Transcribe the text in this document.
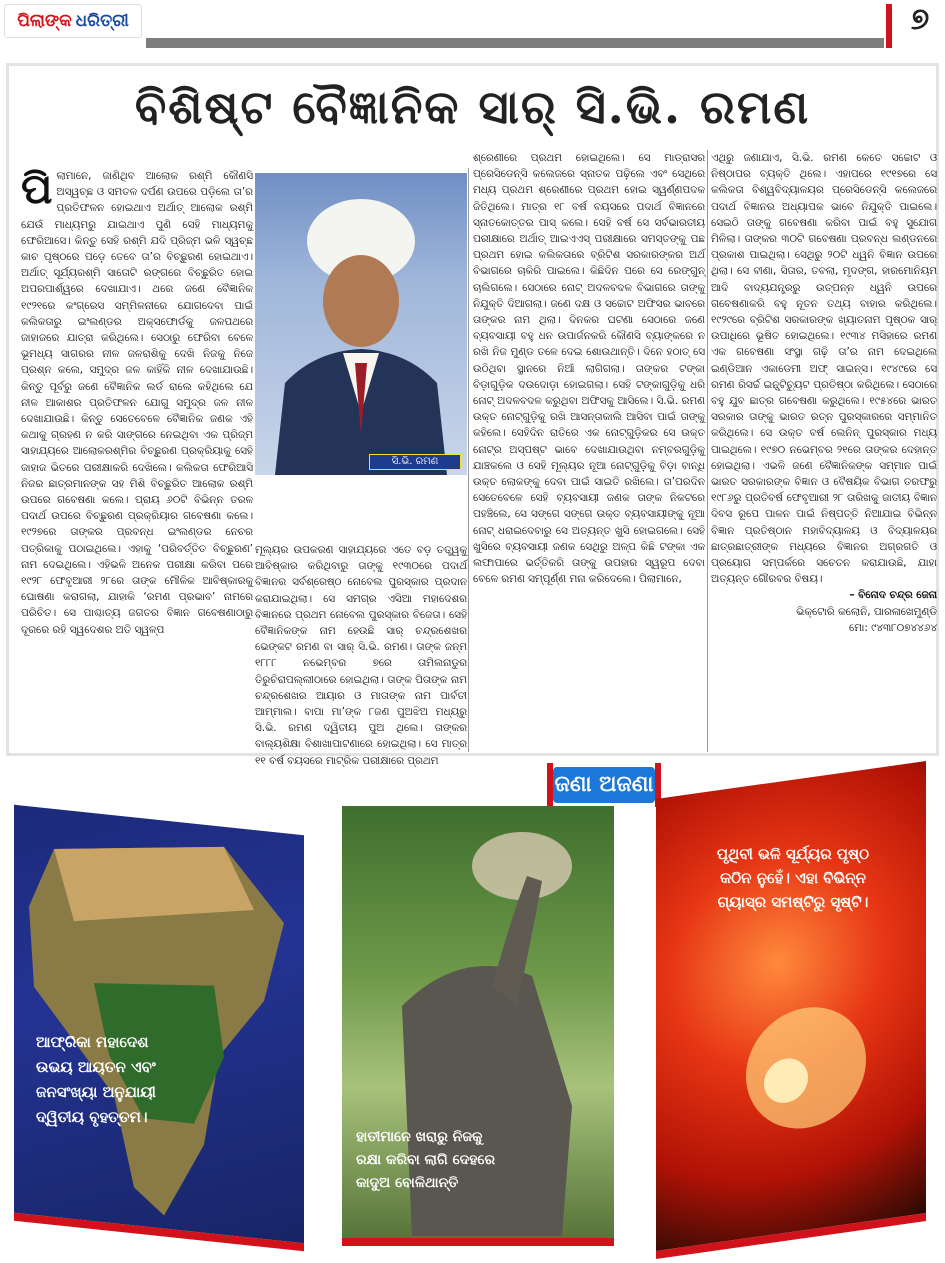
ପିଲାଙ୍କ ଧରିତ୍ରୀ	୭
ବିଶିଷ୍ଟ ବୈଜ୍ଞାନିକ ସାର୍ ସି.ଭି. ରମଣ
ପି ଲାମାନେ, ଜାଣିଥିବ ଆଲୋକ ରଶ୍ମି କୌଣସି ଅସ୍ୱଚ୍ଛ ଓ ସମତଳ ଦର୍ପଣ ଉପରେ ପଡ଼ିଲେ ତା’ର ପ୍ରତିଫଳନ ହୋଇଥାଏ ଅର୍ଥାତ୍ ଆଲୋକ ରଶ୍ମି ଯେଉଁ ମାଧ୍ୟମରୁ ଯାଇଥାଏ ପୁଣି ସେହି ମାଧ୍ୟମକୁ ଫେରିଆସେ। କିନ୍ତୁ ସେହି ରଶ୍ମି ଯଦି ପ୍ରିଜ୍ମ ଭଳି ସ୍ୱଚ୍ଛ କାଚ ପୃଷ୍ଠରେ ପଡ଼େ ତେବେ ତା’ର ବିଚ୍ଛୁରଣ ହୋଇଥାଏ। ଅର୍ଥାତ୍ ସୂର୍ଯ୍ୟରଶ୍ମି ସାତୋଟି ରଙ୍ଗରେ ବିଚ୍ଛୁରିତ ହୋଇ ଅପରପାର୍ଶ୍ୱରେ ଦେଖାଯାଏ। ଥରେ ଜଣେ ବୈଜ୍ଞାନିକ ୧୯୨୧ରେ କଂଗ୍ରେସ ସମ୍ମିଳନୀରେ ଯୋଗଦେବା ପାଇଁ କଲିକତାରୁ ଇଂଲଣ୍ଡର ଅକ୍ସଫୋର୍ଡକୁ ଜଳପଥରେ ଜାହାଜରେ ଯାତ୍ରା କରିଥିଲେ। ସେଠାରୁ ଫେରିବା ବେଳେ ଭୂମଧ୍ୟ ସାଗରର ନୀଳ ଜଳରାଶିକୁ ଦେଖି ନିଜକୁ ନିଜେ ପ୍ରଶ୍ନ କଲେ, ସମୁଦ୍ର ଜଳ କାହିଁକି ନୀଳ ଦେଖାଯାଉଛି। କିନ୍ତୁ ପୂର୍ବରୁ ଜଣେ ବୈଜ୍ଞାନିକ ଲର୍ଡ ରାଲେ କହିଥିଲେ ଯେ ନୀଳ ଆକାଶର ପ୍ରତିଫଳନ ଯୋଗୁ ସମୁଦ୍ର ଜଳ ନୀଳ ଦେଖାଯାଉଛି। କିନ୍ତୁ ସେତେବେଳେ ବୈଜ୍ଞାନିକ ଜଣକ ଏହି କଥାକୁ ଗ୍ରହଣ ନ କରି ସାଙ୍ଗରେ ନେଇଥିବା ଏକ ପ୍ରିଜ୍ମ ସାହାଯ୍ୟରେ ଆଲୋକରଶ୍ମିର ବିଚ୍ଛୁରଣ ପ୍ରକ୍ରିୟାକୁ ସେହି ଜାହାଜ ଭିତରେ ପରୀକ୍ଷାକରି ଦେଖିଲେ। କଲିକତା ଫେରିଆସି ନିଜର ଛାତ୍ରମାନଙ୍କ ସହ ମିଶି ବିଚ୍ଛୁରିତ ଆଲୋକ ରଶ୍ମି ଉପରେ ଗବେଷଣା କଲେ। ପ୍ରାୟ ୬୦ଟି ବିଭିନ୍ନ ତରଳ ପଦାର୍ଥ ଉପରେ ବିଚ୍ଛୁରଣ ପ୍ରକ୍ରିୟାର ଗବେଷଣା କଲେ। ୧୯୨୭ରେ ତାଙ୍କର ପ୍ରବନ୍ଧ ଇଂଲଣ୍ଡର ନେଚର ପତ୍ରିକାକୁ ପଠାଇଥିଲେ। ଏହାକୁ ‘ପରିବର୍ତ୍ତିତ ବିଚ୍ଛୁରଣ’ ନାମ ଦେଇଥିଲେ। ଏହିଭଳି ଅନେକ ପରୀକ୍ଷା କରିବା ପରେ ୧୯୨୮ ଫେବୃଆରୀ ୨୮ରେ ତାଙ୍କ ମୌଳିକ ଆବିଷ୍କାରକୁ ଘୋଷଣା କରାଗଲା, ଯାହାକି ‘ରମଣ ପ୍ରଭାବ’ ନାମରେ ପରିଚିତ। ସେ ପାଶ୍ଚାତ୍ୟ ଜଗତର ବିଜ୍ଞାନ ଗବେଷଣାଠାରୁ ଦୂରରେ ରହି ସ୍ୱଦେଶର ଅତି ସ୍ୱଳ୍ପ

ସି.ଭି. ରମଣ

ମୂଲ୍ୟର ଉପକରଣ ସାହାଯ୍ୟରେ ଏତେ ବଡ଼ ତତ୍ତ୍ୱକୁ ଆବିଷ୍କାର କରିଥିବାରୁ ତାଙ୍କୁ ୧୯୩୦ରେ ପଦାର୍ଥ ବିଜ୍ଞାନର ସର୍ବଶ୍ରେଷ୍ଠ ନୋବେଲ ପୁରସ୍କାର ପ୍ରଦାନ କରାଯାଇଥିଲା। ସେ ସମଗ୍ର ଏସିଆ ମହାଦେଶର ବିଜ୍ଞାନରେ ପ୍ରଥମ ନୋବେଲ ପୁରସ୍କାର ବିଜେତା। ସେହି ବୈଜ୍ଞାନିକଙ୍କ ନାମ ହେଉଛି ସାର୍ ଚନ୍ଦ୍ରଶେଖର ଭେଙ୍କଟ ରମଣ ବା ସାର୍ ସି.ଭି. ରମଣ। ତାଙ୍କ ଜନ୍ମ ୧୮୮୮ ନଭେମ୍ବର ୭ରେ ତାମିଲନାଡୁର ତିରୁଚିରାପଲ୍ଲୀଠାରେ ହୋଇଥିଲା। ତାଙ୍କ ପିତାଙ୍କ ନାମ ଚନ୍ଦ୍ରଶେଖର ଆୟାର ଓ ମାତାଙ୍କ ନାମ ପାର୍ବତୀ ଆମ୍ମାଲ। ବାପା ମା’ଙ୍କ ୮ଜଣ ପୁଅଝିଅ ମଧ୍ୟରୁ ସି.ଭି. ରମଣ ଦ୍ୱିତୀୟ ପୁଅ ଥିଲେ। ତାଙ୍କର ବାଲ୍ୟଶିକ୍ଷା ବିଶାଖାପାଟଣାରେ ହୋଇଥିଲା। ସେ ମାତ୍ର ୧୧ ବର୍ଷ ବୟସରେ ମାଟ୍ରିକ ପରୀକ୍ଷାରେ ପ୍ରଥମ

ଶ୍ରେଣୀରେ ପ୍ରଥମ ହୋଇଥିଲେ। ସେ ମାଡ୍ରାସର ପ୍ରେସିଡେନ୍ସି କଲେଜରେ ସ୍ନାତକ ପଢ଼ିଲେ ଏବଂ ସେଥିରେ ମଧ୍ୟ ପ୍ରଥମ ଶ୍ରେଣୀରେ ପ୍ରଥମ ହୋଇ ସ୍ୱର୍ଣ୍ଣପଦକ ଜିତିଥିଲେ। ମାତ୍ର ୧୮ ବର୍ଷ ବୟସରେ ପଦାର୍ଥ ବିଜ୍ଞାନରେ ସ୍ନାତକୋତ୍ତର ପାସ୍ କଲେ। ସେହି ବର୍ଷ ସେ ସର୍ବଭାରତୀୟ ପରୀକ୍ଷାରେ ଅର୍ଥାତ୍ ଆଇଏଏସ୍ ପରୀକ୍ଷାରେ ସମସ୍ତଙ୍କୁ ପଛ ପ୍ରଥମ ହୋଇ କଲିକତାରେ ବ୍ରିଟିଶ ସରକାରଙ୍କର ଅର୍ଥ ବିଭାଗରେ ଚାକିରି ପାଇଲେ। କିଛିଦିନ ପରେ ସେ ରେଙ୍ଗୁନ୍ ଚାଲିଗଲେ। ସେଠାରେ ନୋଟ୍ ଅଦଳବଦଳ ବିଭାଗରେ ତାଙ୍କୁ ନିଯୁକ୍ତି ଦିଆଗଲା। ଜଣେ ଦକ୍ଷ ଓ ସଚ୍ଚୋଟ ଅଫିସର ଭାବରେ ତାଙ୍କର ନାମ ଥିଲା। ଦିନକର ଘଟଣା ସେଠାରେ ଜଣେ ବ୍ୟବସାୟୀ ବହୁ ଧନ ଉପାର୍ଜନକରି କୌଣସି ବ୍ୟାଙ୍କରେ ନ ରଖି ନିଜ ମୁଣ୍ଡ ତଳେ ଦେଇ ଶୋଉଥାନ୍ତି। ଦିନେ ହଠାତ୍ ସେ ଉଠିଥିବା ସ୍ଥାନରେ ନିଆଁ ଲାଗିଗଲା। ତାଙ୍କର ଟଙ୍କା ବିଡ଼ାଗୁଡ଼ିକ ଦଉଦୋଡ଼ା ହୋଇଗଲା। ସେହି ଟଙ୍କାଗୁଡ଼ିକୁ ଧରି ନୋଟ୍ ଅଦଳବଦଳ କରୁଥିବା ଅଫିସକୁ ଆସିଲେ। ସି.ଭି. ରମଣ ଉକ୍ତ ନୋଟ୍ଗୁଡ଼ିକୁ ରଖି ଆସନ୍ତାକାଲି ଆସିବା ପାଇଁ ତାଙ୍କୁ କହିଲେ। ସେହିଦିନ ରାତିରେ ଏକ ନୋଟ୍ଗୁଡ଼ିକର ସେ ଉକ୍ତ ନୋଟ୍ର ଅସ୍ପଷ୍ଟ ଭାବେ ଦେଖାଯାଉଥିବା ନମ୍ବରଗୁଡ଼ିକୁ ଯାଞ୍ଚକଲେ ଓ ସେହି ମୂଲ୍ୟର ନୂଆ ନୋଟ୍ଗୁଡ଼ିକୁ ବିଡ଼ା ବାନ୍ଧି ଉକ୍ତ ଲୋକଙ୍କୁ ଦେବା ପାଇଁ ସାଇତି ରଖିଲେ। ତା’ପରଦିନ ସେତେବେଳେ ସେହି ବ୍ୟବସାୟୀ ଜଣକ ତାଙ୍କ ନିକଟରେ ପହଞ୍ଚିଲେ, ସେ ସଙ୍ଗେ ସଙ୍ଗେ ଉକ୍ତ ବ୍ୟବସାୟୀଙ୍କୁ ନୂଆ ନୋଟ୍ ଧରାଇଦେବାରୁ ସେ ଅତ୍ୟନ୍ତ ଖୁସି ହୋଇଗଲେ। ସେହି ଖୁସିରେ ବ୍ୟବସାୟୀ ଜଣକ ସେଥିରୁ ଅଳ୍ପ କିଛି ଟଙ୍କା ଏକ ଲଫାପାରେ ଭର୍ତ୍ତିକରି ତାଙ୍କୁ ଉପହାର ସ୍ୱରୂପ ଦେବା ବେଳେ ରମଣ ସମ୍ପୂର୍ଣ୍ଣ ମନା କରିଦେଲେ। ପିଲାମାନେ,

ଏଥିରୁ ଜଣାଯାଏ, ସି.ଭି. ରମଣ କେତେ ସଚ୍ଚୋଟ ଓ ନିଷ୍ଠାପର ବ୍ୟକ୍ତି ଥିଲେ। ଏହାପରେ ୧୯୧୭ରେ ସେ କଲିକତା ବିଶ୍ୱବିଦ୍ୟାଳୟର ପ୍ରେସିଡେନ୍ସି କଲେଜରେ ପଦାର୍ଥ ବିଜ୍ଞାନର ଅଧ୍ୟାପକ ଭାବେ ନିଯୁକ୍ତି ପାଇଲେ। ସେଇଠି ତାଙ୍କୁ ଗବେଷଣା କରିବା ପାଇଁ ବହୁ ସୁଯୋଗ ମିଳିଲା। ତାଙ୍କର ୩୦ଟି ଗବେଷଣା ପ୍ରବନ୍ଧ ଲଣ୍ଡନରେ ପ୍ରକାଶ ପାଇଥିଲା। ସେଥିରୁ ୨୦ଟି ଧ୍ୱନି ବିଜ୍ଞାନ ଉପରେ ଥିଲା। ସେ ବୀଣା, ସିତାର, ତବଲା, ମୃଦଙ୍ଗ, ହାରମୋନିୟମ ଆଦି ବାଦ୍ୟଯନ୍ତ୍ରରୁ ଉତ୍ପନ୍ନ ଧ୍ୱନି ଉପରେ ଗବେଷଣାକରି ବହୁ ନୂତନ ତଥ୍ୟ ବାହାର କରିଥିଲେ। ୧୯୨୯ରେ ବ୍ରିଟିଶ ସରକାରଙ୍କ ଖ୍ୟାତନାମ ପୃଷ୍ଠକ ସାର୍ ଉପାଧିରେ ଭୂଷିତ ହୋଇଥିଲେ। ୧୯୩୪ ମସିହାରେ ରମଣ ଏକ ଗବେଷଣା ସଂସ୍ଥା ଗଢ଼ି ତା’ର ନାମ ଦେଇଥିଲେ ଇଣ୍ଡିଆନ ଏକାଡେମୀ ଅଫ୍ ସାଇନ୍ସ। ୧୯୪୯ରେ ସେ ରମଣ ରିସର୍ଚ୍ଚ ଇନ୍ସ୍ଟିଚ୍ୟୁଟ ପ୍ରତିଷ୍ଠା କରିଥିଲେ। ସେଠାରେ ବହୁ ଯୁବ ଛାତ୍ର ଗବେଷଣା କରୁଥିଲେ। ୧୯୫୪ରେ ଭାରତ ସରକାର ତାଙ୍କୁ ଭାରତ ରତ୍ନ ପୁରସ୍କାରରେ ସମ୍ମାନିତ କରିଥିଲେ। ସେ ଉକ୍ତ ବର୍ଷ ଲେନିନ୍ ପୁରସ୍କାର ମଧ୍ୟ ପାଇଥିଲେ। ୧୯୭୦ ନଭେମ୍ବର ୨୧ରେ ତାଙ୍କର ଦେହାନ୍ତ ହୋଇଥିଲା। ଏଭଳି ଜଣେ ବୈଜ୍ଞାନିକଙ୍କ ସମ୍ମାନ ପାଇଁ ଭାରତ ସରକାରଙ୍କ ବିଜ୍ଞାନ ଓ ବୈଷୟିକ ବିଭାଗ ତରଫରୁ ୧୯୮୬ରୁ ପ୍ରତିବର୍ଷ ଫେବୃଆରୀ ୨୮ ତାରିଖକୁ ଜାତୀୟ ବିଜ୍ଞାନ ଦିବସ ରୂପେ ପାଳନ ପାଇଁ ନିଷ୍ପତ୍ତି ନିଆଯାଇ ବିଭିନ୍ନ ବିଜ୍ଞାନ ପ୍ରତିଷ୍ଠାନ ମହାବିଦ୍ୟାଳୟ ଓ ବିଦ୍ୟାଳୟର ଛାତ୍ରଛାତ୍ରୀଙ୍କ ମଧ୍ୟରେ ବିଜ୍ଞାନର ଅଗ୍ରଗତି ଓ ପ୍ରୟୋଗ ସମ୍ପର୍କରେ ସଚେତନ କରାଯାଉଛି, ଯାହା ଅତ୍ୟନ୍ତ ଗୌରବର ବିଷୟ।

– ବିନୋଦ ଚନ୍ଦ୍ର ଜେନା

ଭିକ୍ଟୋରି କଲୋନି, ପାରଳାଖେମୁଣ୍ଡି

ମୋ: ୯୪୩୮୦୭୪୪୬୪

ଜଣା ଅଜଣା
ଆଫ୍ରିକା ମହାଦେଶ ଉଭୟ ଆୟତନ ଏବଂ ଜନସଂଖ୍ୟା ଅନୁଯାୟୀ ଦ୍ୱିତୀୟ ବୃହତ୍ତମ।
ହାତୀମାନେ ଖରାରୁ ନିଜକୁ ରକ୍ଷା କରିବା ଲାଗି ଦେହରେ କାଦୁଅ ବୋଳିଥାନ୍ତି
ପୃଥିବୀ ଭଳି ସୂର୍ଯ୍ୟର ପୃଷ୍ଠ କଠିନ ନୁହେଁ। ଏହା ବିଭିନ୍ନ ଗ୍ୟାସ୍‌ର ସମଷ୍ଟିରୁ ସୃଷ୍ଟି।
